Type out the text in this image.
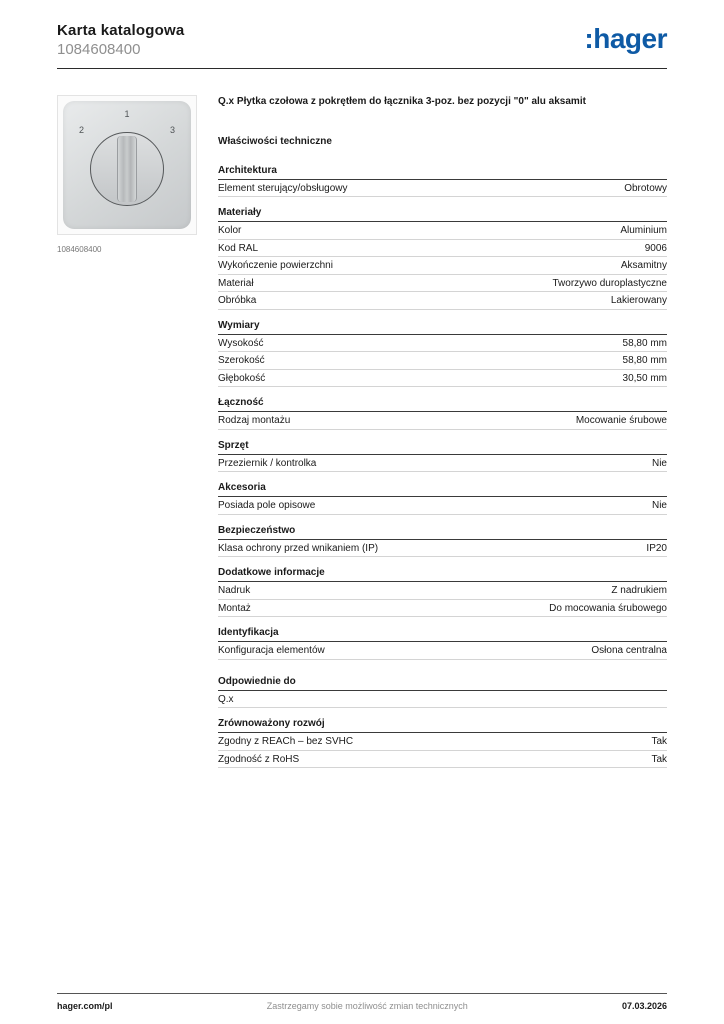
Karta katalogowa
1084608400	:hager
1
2	3
1084608400
Q.x Płytka czołowa z pokrętłem do łącznika 3-poz. bez pozycji "0" alu aksamit
Właściwości techniczne
Architektura
Element sterujący/obsługowy	Obrotowy
Materiały
Kolor	Aluminium
Kod RAL	9006
Wykończenie powierzchni	Aksamitny
Materiał	Tworzywo duroplastyczne
Obróbka	Lakierowany
Wymiary
Wysokość	58,80 mm
Szerokość	58,80 mm
Głębokość	30,50 mm
Łączność
Rodzaj montażu	Mocowanie śrubowe
Sprzęt
Przeziernik / kontrolka	Nie
Akcesoria
Posiada pole opisowe	Nie
Bezpieczeństwo
Klasa ochrony przed wnikaniem (IP)	IP20
Dodatkowe informacje
Nadruk	Z nadrukiem
Montaż	Do mocowania śrubowego
Identyfikacja
Konfiguracja elementów	Osłona centralna
Odpowiednie do
Q.x
Zrównoważony rozwój
Zgodny z REACh – bez SVHC	Tak
Zgodność z RoHS	Tak
hager.com/pl	Zastrzegamy sobie możliwość zmian technicznych	07.03.2026
